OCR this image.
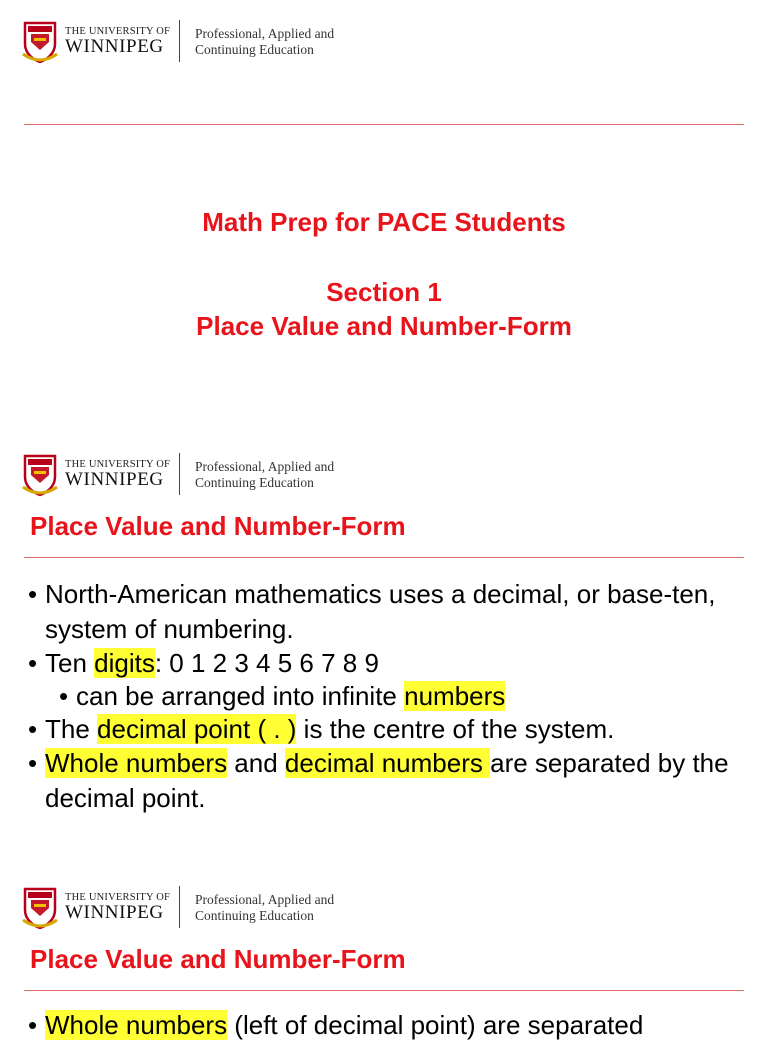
THE UNIVERSITY OF
WINNIPEG
Professional, Applied and
Continuing Education
Math Prep for PACE Students
Section 1
Place Value and Number-Form
THE UNIVERSITY OF
WINNIPEG
Professional, Applied and
Continuing Education
Place Value and Number-Form
• North-American mathematics uses a decimal, or base-ten, system of numbering.
• Ten digits: 0 1 2 3 4 5 6 7 8 9
• can be arranged into infinite numbers
• The decimal point ( . ) is the centre of the system.
• Whole numbers and decimal numbers are separated by the decimal point.
THE UNIVERSITY OF
WINNIPEG
Professional, Applied and
Continuing Education
Place Value and Number-Form
• Whole numbers (left of decimal point) are separated
